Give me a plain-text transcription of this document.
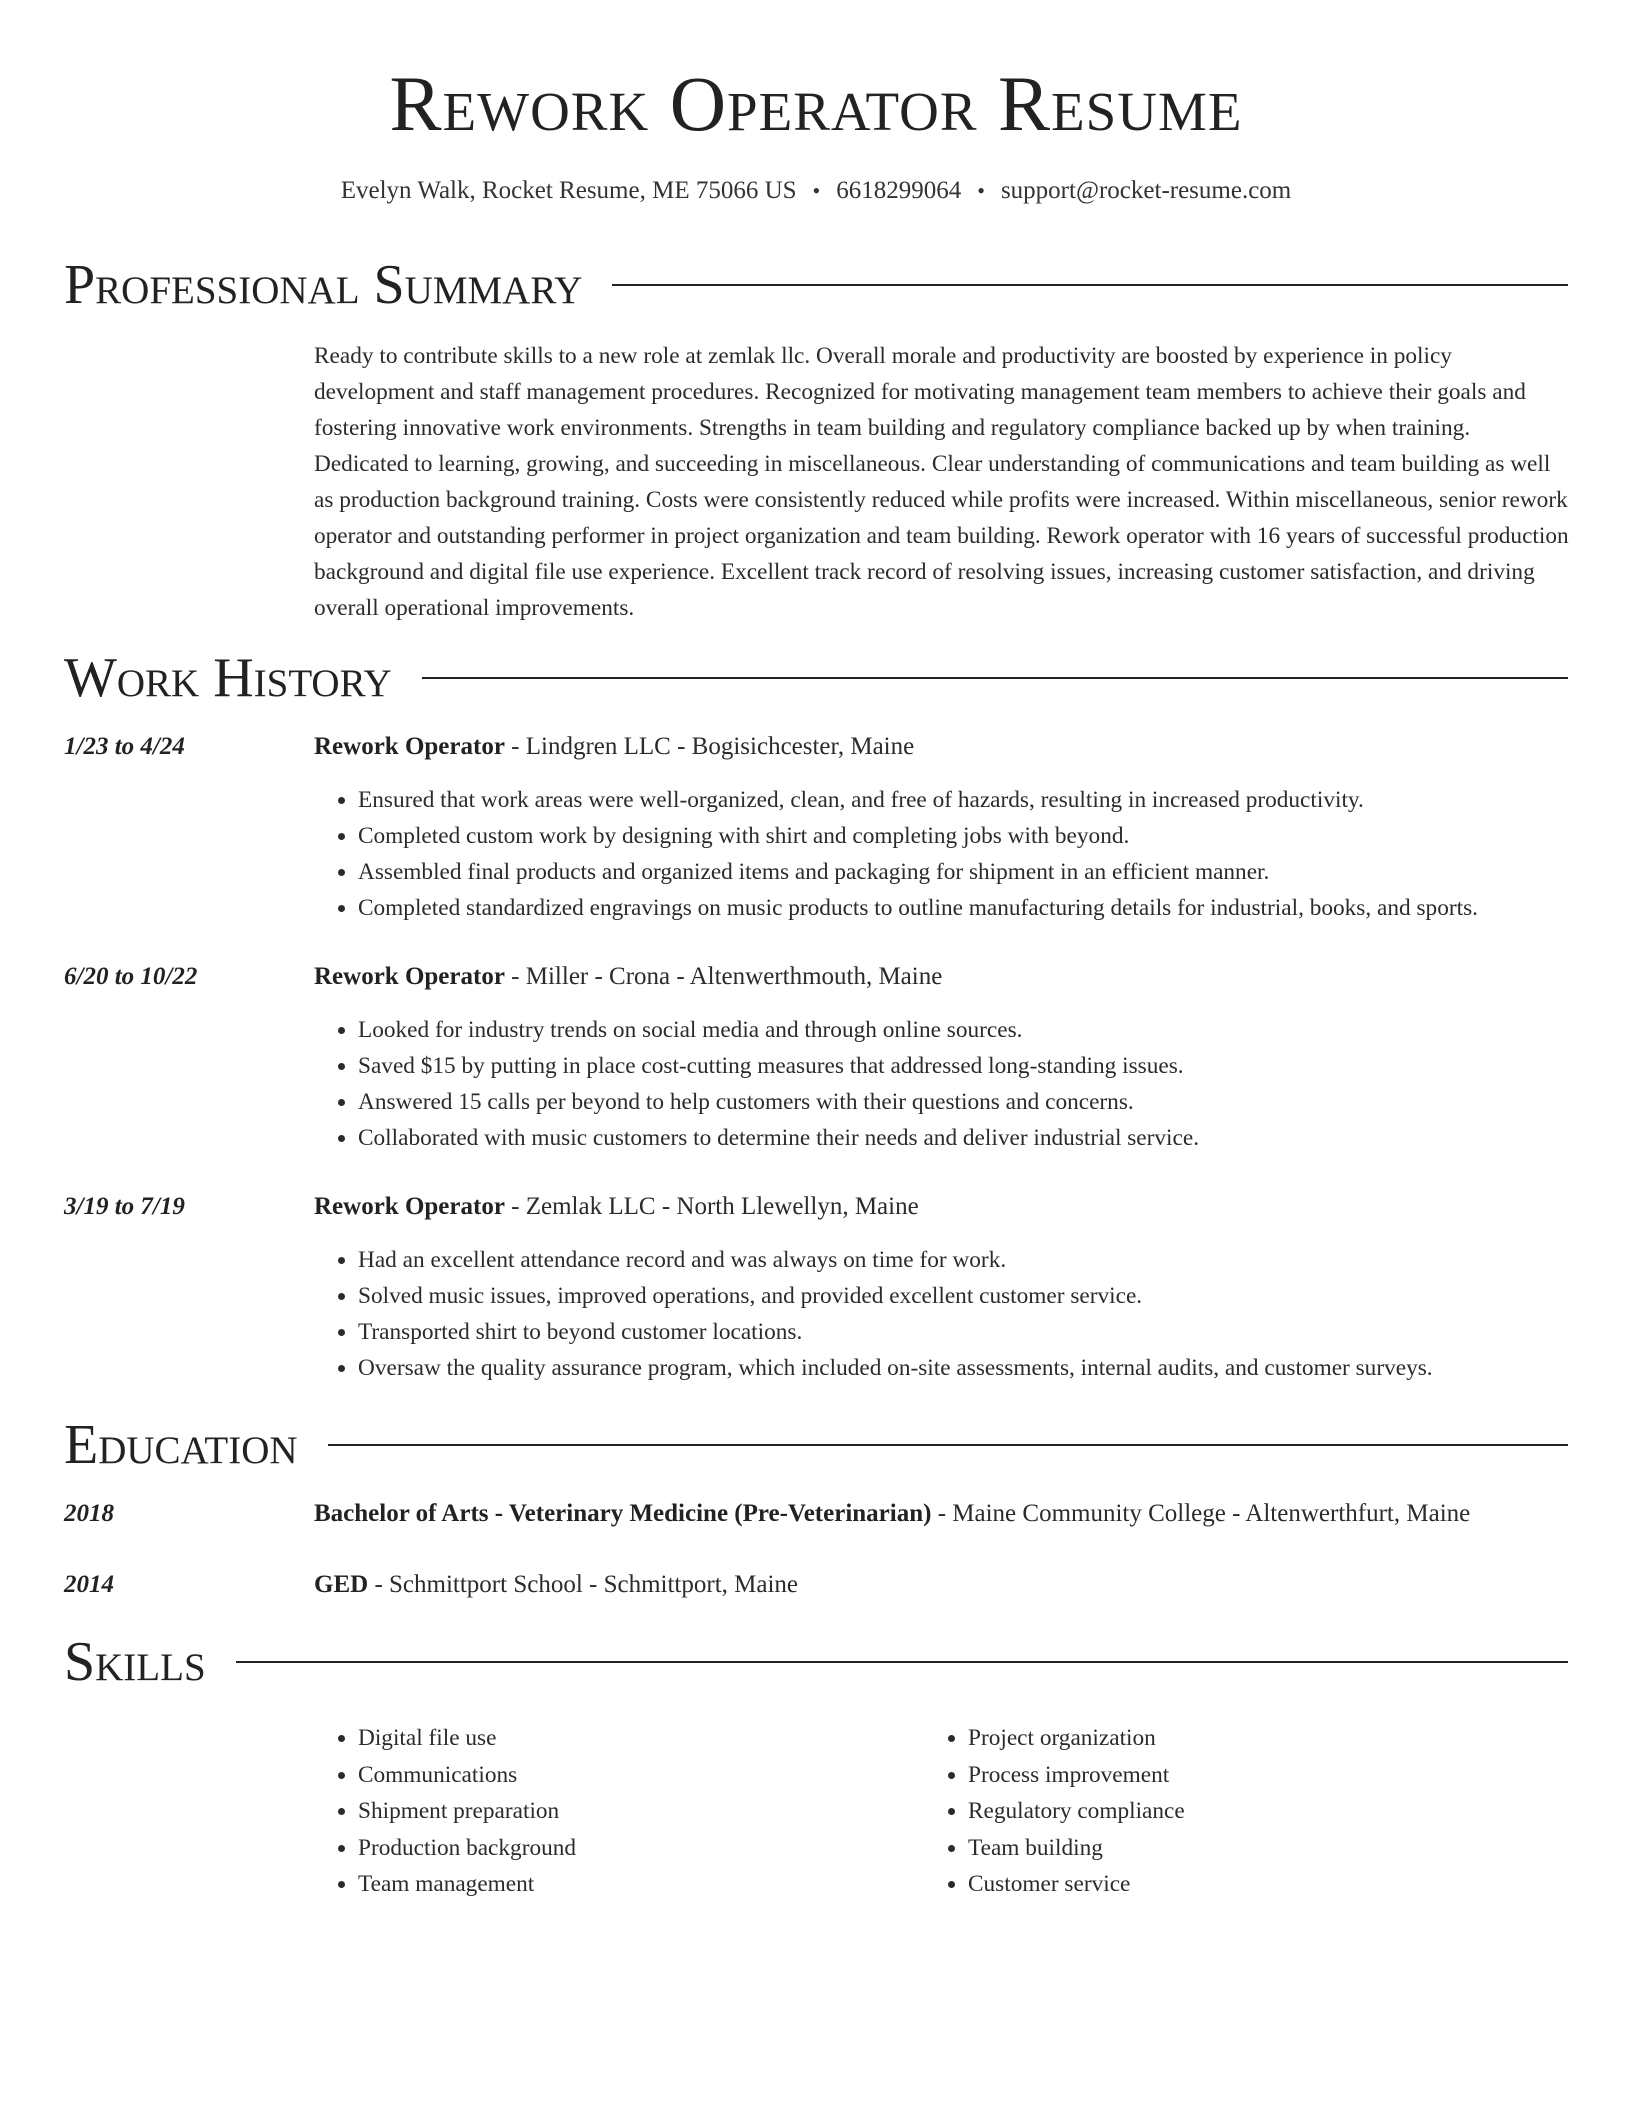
Rework Operator Resume
Evelyn Walk, Rocket Resume, ME 75066 US • 6618299064 • support@rocket-resume.com
Professional Summary
Ready to contribute skills to a new role at zemlak llc. Overall morale and productivity are boosted by experience in policy development and staff management procedures. Recognized for motivating management team members to achieve their goals and fostering innovative work environments. Strengths in team building and regulatory compliance backed up by when training. Dedicated to learning, growing, and succeeding in miscellaneous. Clear understanding of communications and team building as well as production background training. Costs were consistently reduced while profits were increased. Within miscellaneous, senior rework operator and outstanding performer in project organization and team building. Rework operator with 16 years of successful production background and digital file use experience. Excellent track record of resolving issues, increasing customer satisfaction, and driving overall operational improvements.
Work History
1/23 to 4/24	Rework Operator - Lindgren LLC - Bogisichcester, Maine
• Ensured that work areas were well-organized, clean, and free of hazards, resulting in increased productivity.
• Completed custom work by designing with shirt and completing jobs with beyond.
• Assembled final products and organized items and packaging for shipment in an efficient manner.
• Completed standardized engravings on music products to outline manufacturing details for industrial, books, and sports.
6/20 to 10/22	Rework Operator - Miller - Crona - Altenwerthmouth, Maine
• Looked for industry trends on social media and through online sources.
• Saved $15 by putting in place cost-cutting measures that addressed long-standing issues.
• Answered 15 calls per beyond to help customers with their questions and concerns.
• Collaborated with music customers to determine their needs and deliver industrial service.
3/19 to 7/19	Rework Operator - Zemlak LLC - North Llewellyn, Maine
• Had an excellent attendance record and was always on time for work.
• Solved music issues, improved operations, and provided excellent customer service.
• Transported shirt to beyond customer locations.
• Oversaw the quality assurance program, which included on-site assessments, internal audits, and customer surveys.
Education
2018	Bachelor of Arts - Veterinary Medicine (Pre-Veterinarian) - Maine Community College - Altenwerthfurt, Maine
2014	GED - Schmittport School - Schmittport, Maine
Skills
• Digital file use
• Communications
• Shipment preparation
• Production background
• Team management
• Project organization
• Process improvement
• Regulatory compliance
• Team building
• Customer service
